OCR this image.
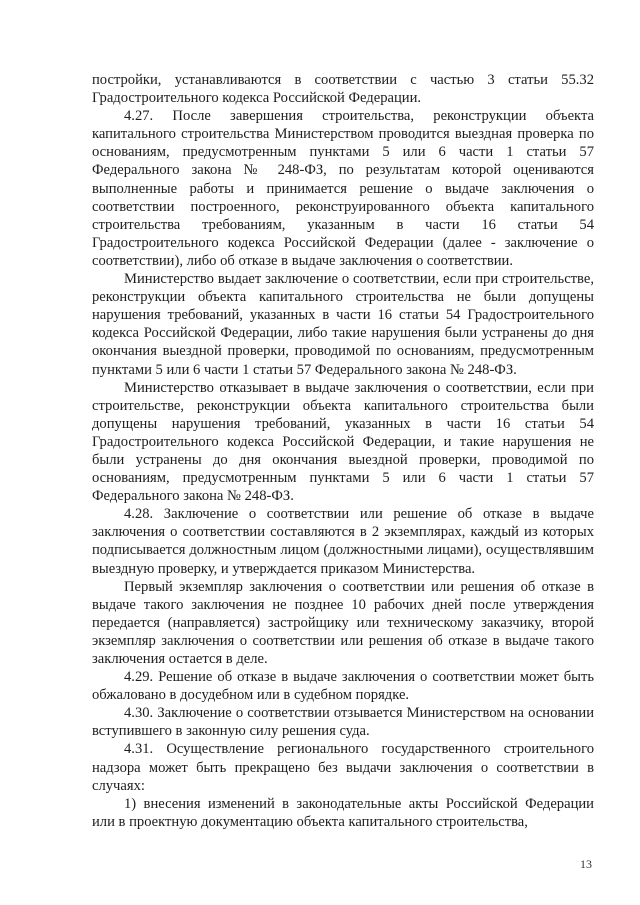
постройки, устанавливаются в соответствии с частью 3 статьи 55.32 Градостроительного кодекса Российской Федерации.

4.27. После завершения строительства, реконструкции объекта капитального строительства Министерством проводится выездная проверка по основаниям, предусмотренным пунктами 5 или 6 части 1 статьи 57 Федерального закона № 248-ФЗ, по результатам которой оцениваются выполненные работы и принимается решение о выдаче заключения о соответствии построенного, реконструированного объекта капитального строительства требованиям, указанным в части 16 статьи 54 Градостроительного кодекса Российской Федерации (далее - заключение о соответствии), либо об отказе в выдаче заключения о соответствии.

Министерство выдает заключение о соответствии, если при строительстве, реконструкции объекта капитального строительства не были допущены нарушения требований, указанных в части 16 статьи 54 Градостроительного кодекса Российской Федерации, либо такие нарушения были устранены до дня окончания выездной проверки, проводимой по основаниям, предусмотренным пунктами 5 или 6 части 1 статьи 57 Федерального закона № 248-ФЗ.

Министерство отказывает в выдаче заключения о соответствии, если при строительстве, реконструкции объекта капитального строительства были допущены нарушения требований, указанных в части 16 статьи 54 Градостроительного кодекса Российской Федерации, и такие нарушения не были устранены до дня окончания выездной проверки, проводимой по основаниям, предусмотренным пунктами 5 или 6 части 1 статьи 57 Федерального закона № 248-ФЗ.

4.28. Заключение о соответствии или решение об отказе в выдаче заключения о соответствии составляются в 2 экземплярах, каждый из которых подписывается должностным лицом (должностными лицами), осуществлявшим выездную проверку, и утверждается приказом Министерства.

Первый экземпляр заключения о соответствии или решения об отказе в выдаче такого заключения не позднее 10 рабочих дней после утверждения передается (направляется) застройщику или техническому заказчику, второй экземпляр заключения о соответствии или решения об отказе в выдаче такого заключения остается в деле.

4.29. Решение об отказе в выдаче заключения о соответствии может быть обжаловано в досудебном или в судебном порядке.

4.30. Заключение о соответствии отзывается Министерством на основании вступившего в законную силу решения суда.

4.31. Осуществление регионального государственного строительного надзора может быть прекращено без выдачи заключения о соответствии в случаях:

1) внесения изменений в законодательные акты Российской Федерации или в проектную документацию объекта капитального строительства,

13
